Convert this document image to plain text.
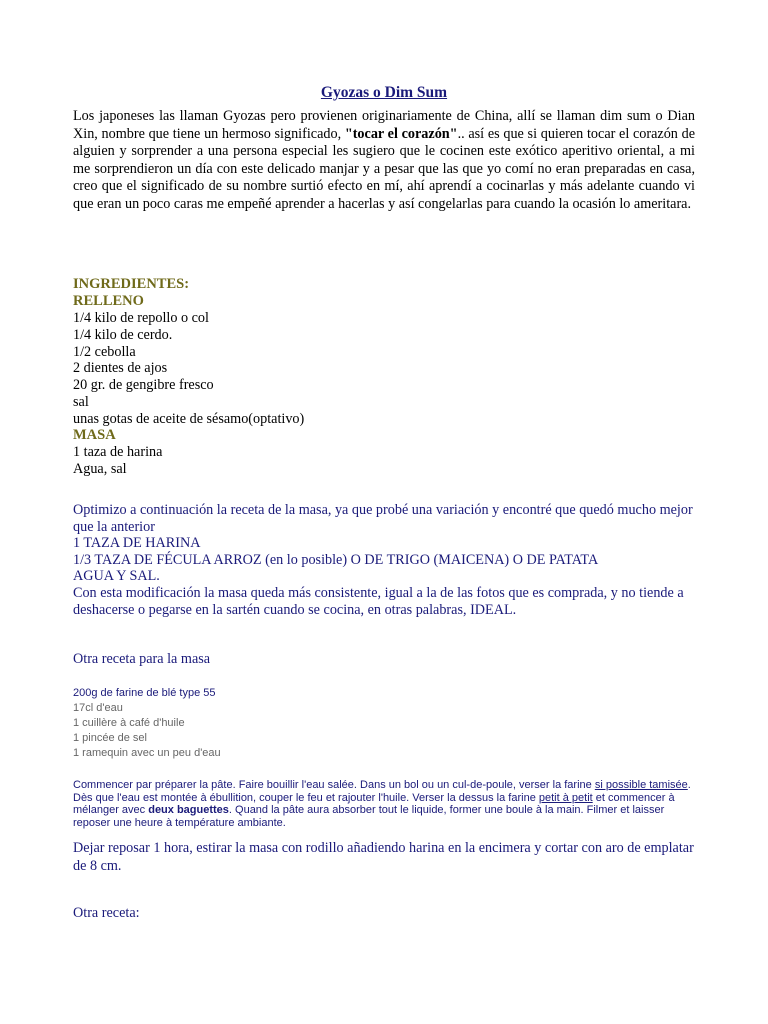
Gyozas o Dim Sum
Los japoneses las llaman Gyozas pero provienen originariamente de China, allí se llaman dim sum o Dian Xin, nombre que tiene un hermoso significado, "tocar el corazón".. así es que si quieren tocar el corazón de alguien y sorprender a una persona especial les sugiero que le cocinen este exótico aperitivo oriental, a mi me sorprendieron un día con este delicado manjar y a pesar que las que yo comí no eran preparadas en casa, creo que el significado de su nombre surtió efecto en mí, ahí aprendí a cocinarlas y más adelante cuando vi que eran un poco caras me empeñé aprender a hacerlas y así congelarlas para cuando la ocasión lo ameritara.
INGREDIENTES:
RELLENO
1/4 kilo de repollo o col
1/4 kilo de cerdo.
1/2 cebolla
2 dientes de ajos
20 gr. de gengibre fresco
sal
unas gotas de aceite de sésamo(optativo)
MASA
1 taza de harina
Agua, sal
Optimizo a continuación la receta de la masa, ya que probé una variación y encontré que quedó mucho mejor que la anterior
1 TAZA DE HARINA
1/3 TAZA DE FÉCULA ARROZ (en lo posible) O DE TRIGO (MAICENA) O DE PATATA
AGUA Y SAL.
Con esta modificación la masa queda más consistente, igual a la de las fotos que es comprada, y no tiende a deshacerse o pegarse en la sartén cuando se cocina, en otras palabras, IDEAL.
Otra receta para la masa
200g de farine de blé type 55
17cl d'eau
1 cuillère à café d'huile
1 pincée de sel
1 ramequin avec un peu d'eau
Commencer par préparer la pâte. Faire bouillir l'eau salée. Dans un bol ou un cul-de-poule, verser la farine si possible tamisée. Dès que l'eau est montée à ébullition, couper le feu et rajouter l'huile. Verser la dessus la farine petit à petit et commencer à mélanger avec deux baguettes. Quand la pâte aura absorber tout le liquide, former une boule à la main. Filmer et laisser reposer une heure à température ambiante.
Dejar reposar 1 hora, estirar la masa con rodillo añadiendo harina en la encimera y cortar con aro de emplatar de 8 cm.
Otra receta:
